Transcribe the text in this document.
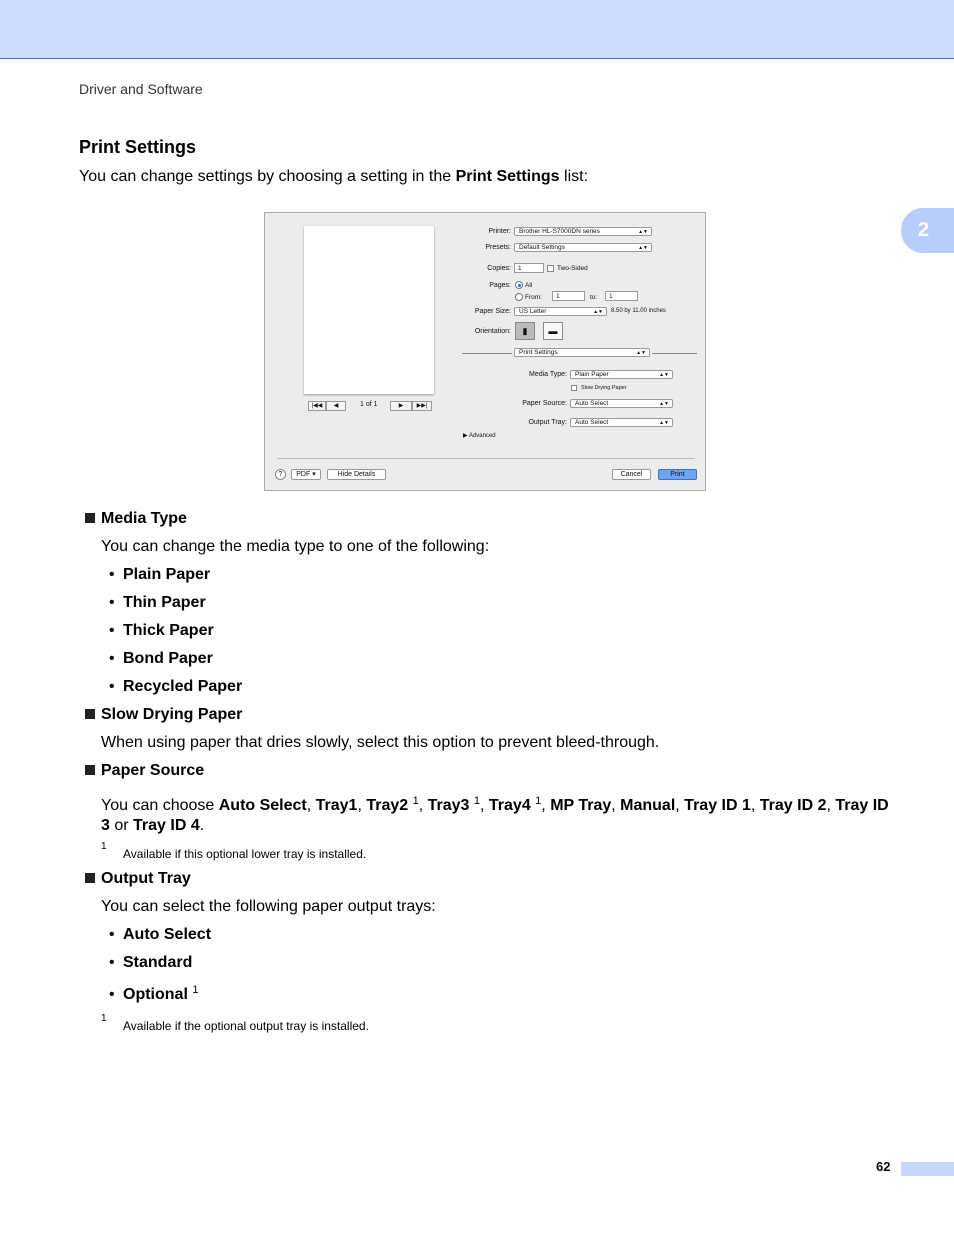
Driver and Software
2
Print Settings
You can change settings by choosing a setting in the Print Settings list:
|◀◀	◀	1 of 1	▶	▶▶|
Printer:	Brother HL-S7000DN series	▲▼
Presets:	Default Settings	▲▼
Copies:	1	Two-Sided
Pages: All
From:	1	to:	1
Paper Size:	US Letter	▲▼ 8.50 by 11.00 inches
Orientation:	▮	▬
Print Settings	▲▼
Media Type:	Plain Paper	▲▼
Slow Drying Paper
Paper Source:	Auto Select	▲▼
Output Tray:	Auto Select	▲▼
▶ Advanced
?	PDF ▾	Hide Details	Cancel	Print
Media Type
You can change the media type to one of the following:
• Plain Paper
• Thin Paper
• Thick Paper
• Bond Paper
• Recycled Paper
Slow Drying Paper
When using paper that dries slowly, select this option to prevent bleed-through.
Paper Source
You can choose Auto Select, Tray1, Tray2 $^1$, Tray3 $^1$, Tray4 $^1$, MP Tray, Manual, Tray ID 1, Tray ID 2, Tray ID 3 or Tray ID 4.
1
Available if this optional lower tray is installed.
Output Tray
You can select the following paper output trays:
• Auto Select
• Standard
• Optional $^1$
1
Available if the optional output tray is installed.
62
